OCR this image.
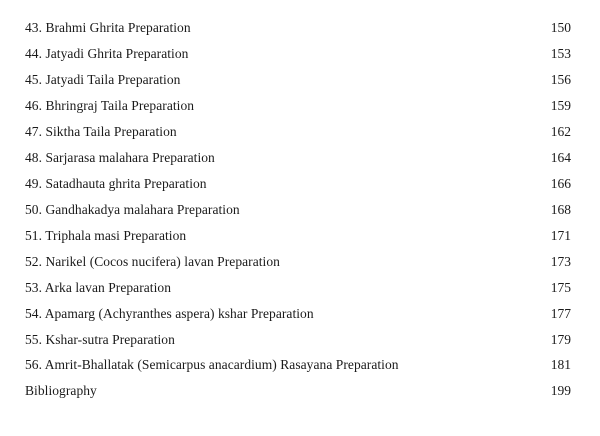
43. Brahmi Ghrita Preparation	150
44. Jatyadi Ghrita Preparation	153
45. Jatyadi Taila Preparation	156
46. Bhringraj Taila Preparation	159
47. Siktha Taila Preparation	162
48. Sarjarasa malahara Preparation	164
49. Satadhauta ghrita Preparation	166
50. Gandhakadya malahara Preparation	168
51. Triphala masi Preparation	171
52. Narikel (Cocos nucifera) lavan Preparation	173
53. Arka lavan Preparation	175
54. Apamarg (Achyranthes aspera) kshar Preparation	177
55. Kshar-sutra Preparation	179
56. Amrit-Bhallatak (Semicarpus anacardium) Rasayana Preparation	181
Bibliography	199
